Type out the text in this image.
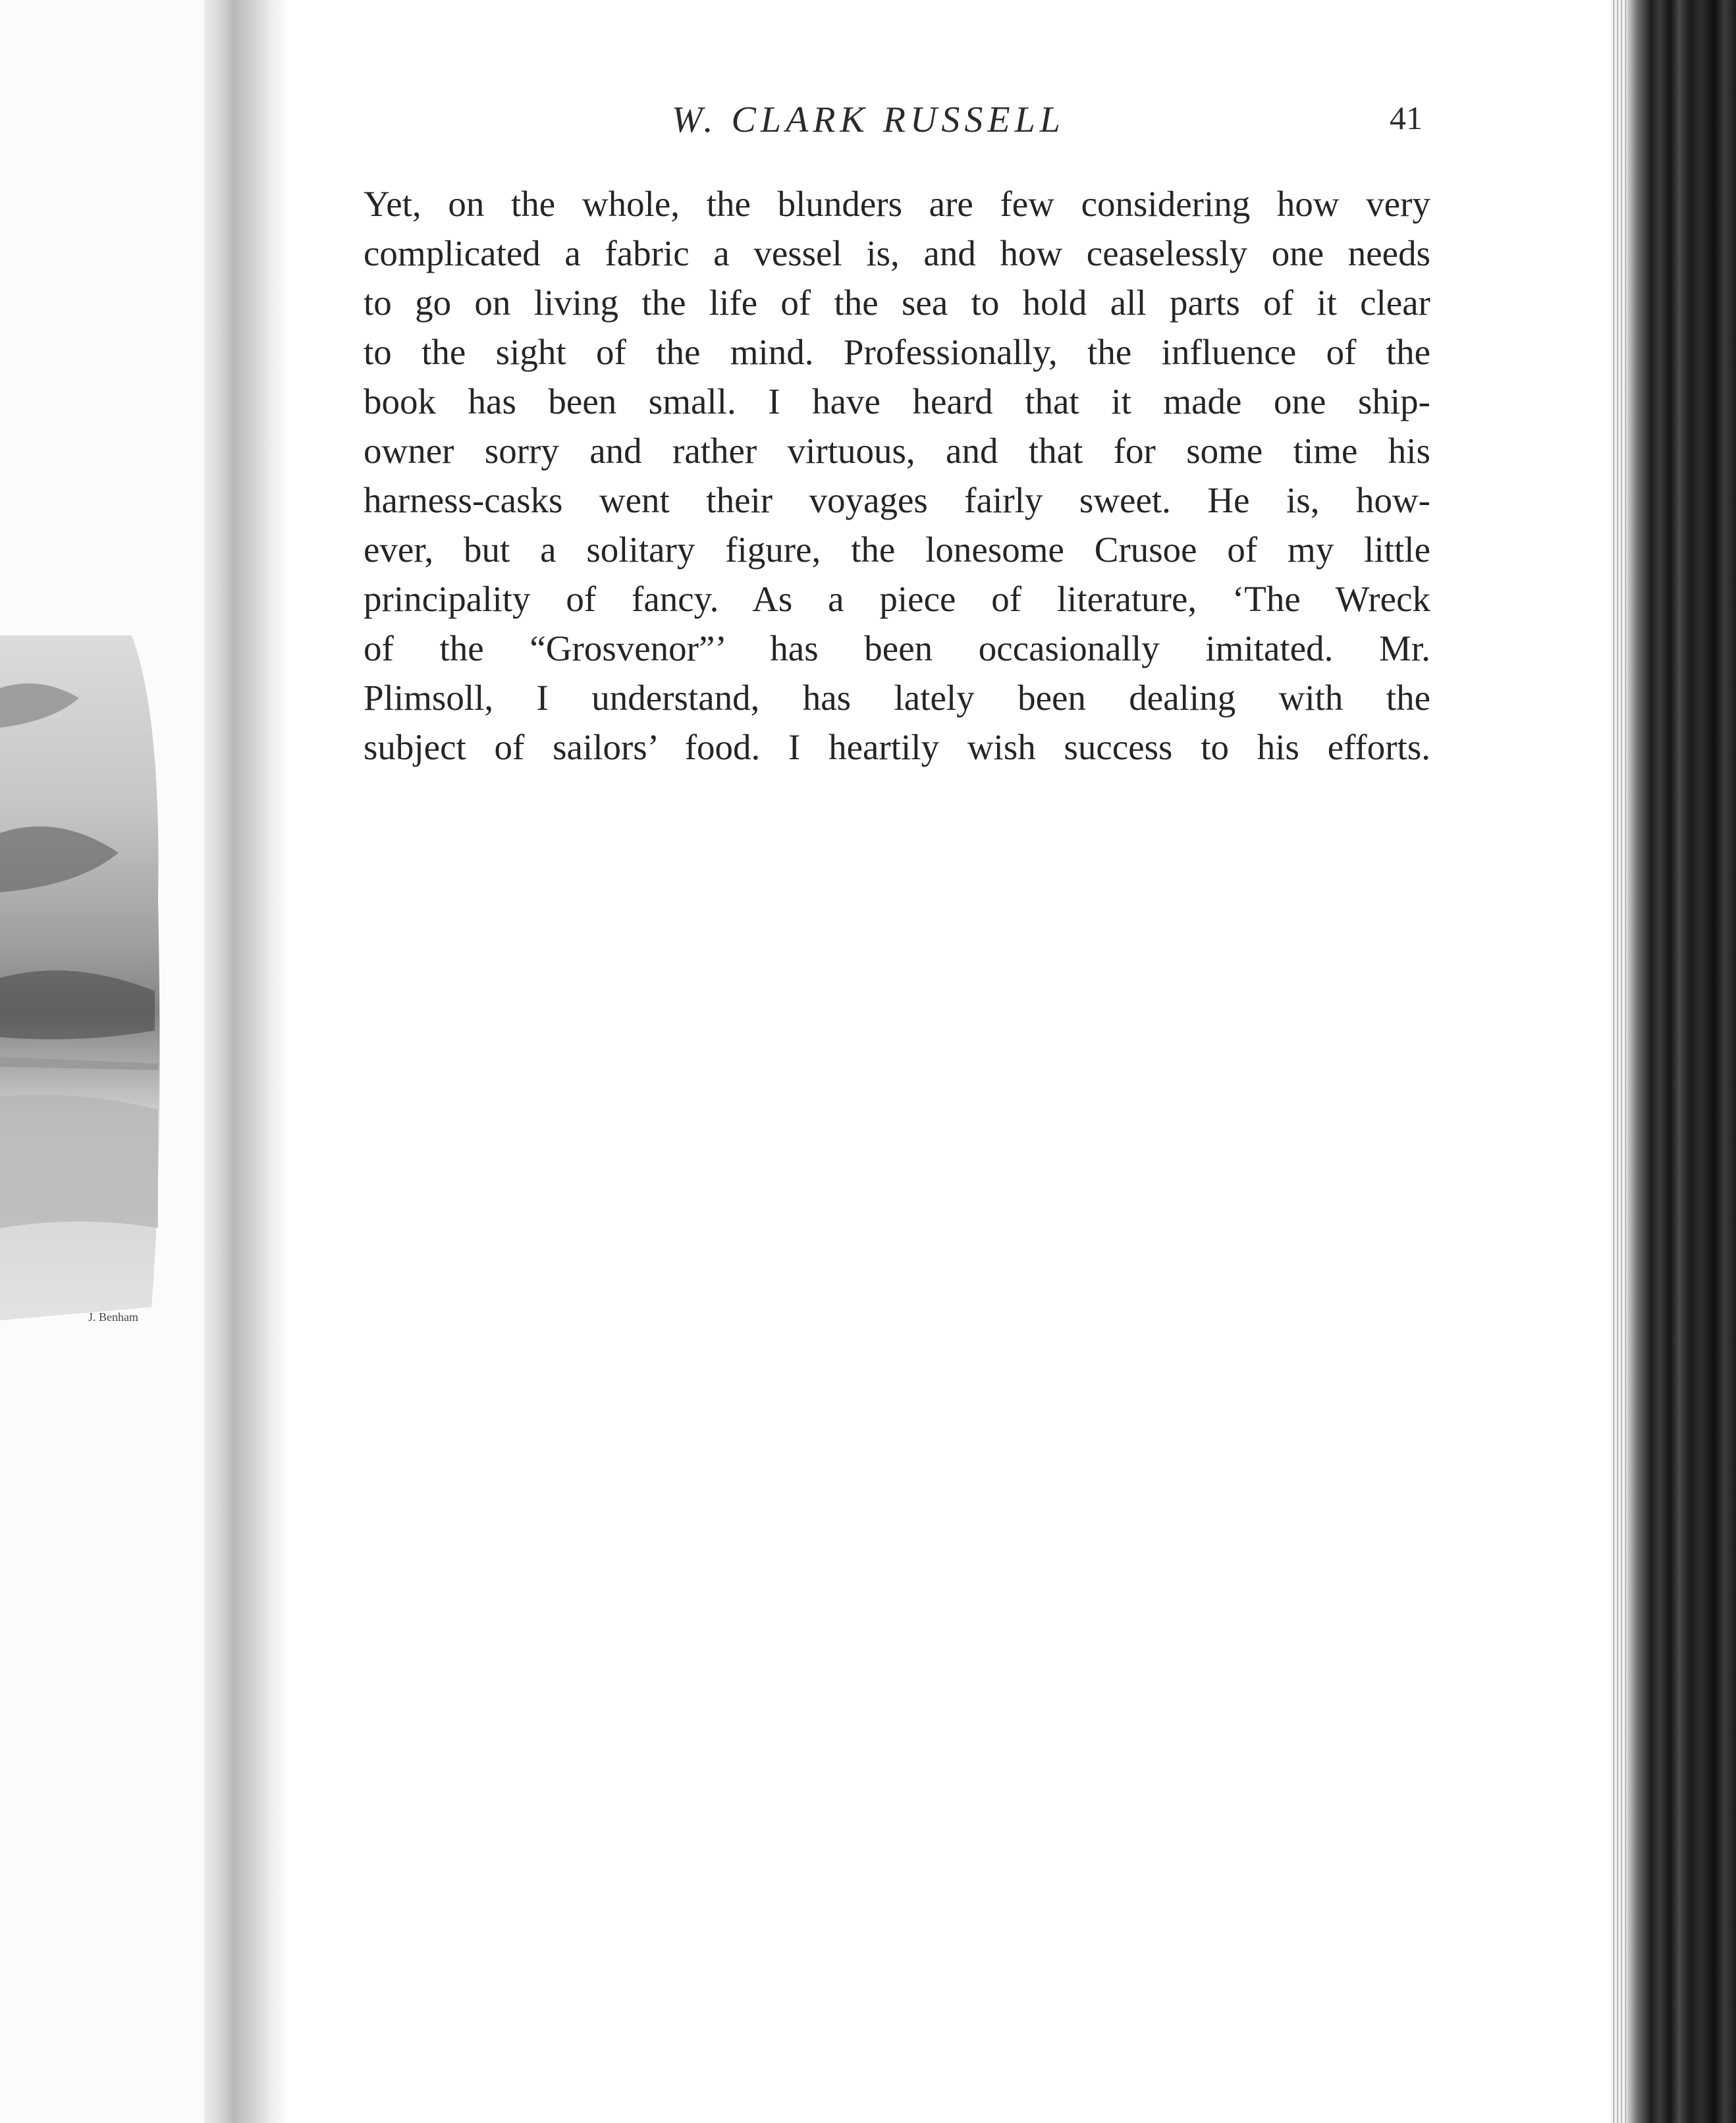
J. Benham
W. CLARK RUSSELL	41
Yet, on the whole, the blunders are few considering how very
complicated a fabric a vessel is, and how ceaselessly one needs
to go on living the life of the sea to hold all parts of it clear
to the sight of the mind. Professionally, the influence of the
book has been small. I have heard that it made one ship-
owner sorry and rather virtuous, and that for some time his
harness-casks went their voyages fairly sweet. He is, how-
ever, but a solitary figure, the lonesome Crusoe of my little
principality of fancy. As a piece of literature, ‘The Wreck
of the “Grosvenor”’ has been occasionally imitated. Mr.
Plimsoll, I understand, has lately been dealing with the
subject of sailors’ food. I heartily wish success to his efforts.
